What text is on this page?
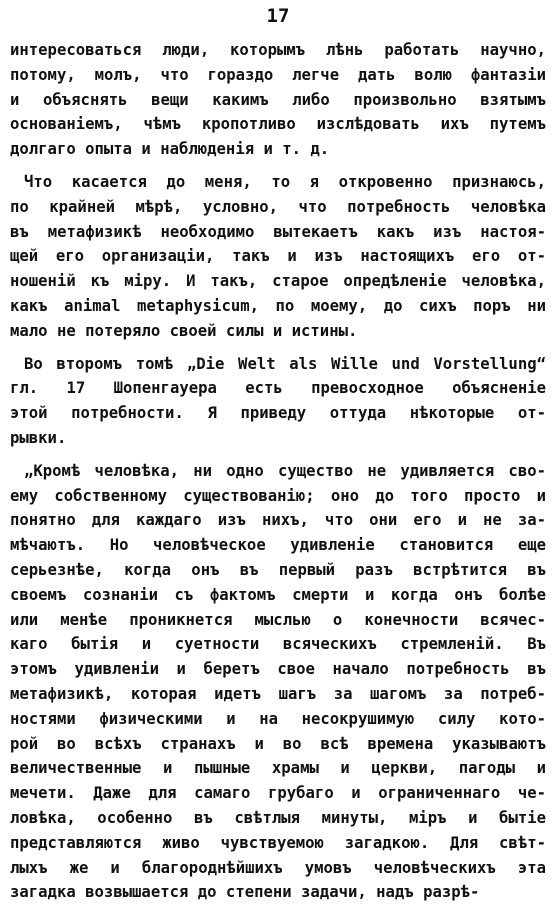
17
интересоваться люди, которымъ лѣнь работать научно,
потому, молъ, что гораздо легче дать волю фантазіи
и объяснять вещи какимъ либо произвольно взятымъ
основаніемъ, чѣмъ кропотливо изслѣдовать ихъ путемъ
долгаго опыта и наблюденія и т. д.
Что касается до меня, то я откровенно признаюсь,
по крайней мѣрѣ, условно, что потребность человѣка
въ метафизикѣ необходимо вытекаетъ какъ изъ настоя-
щей его организаціи, такъ и изъ настоящихъ его от-
ношеній къ міру. И такъ, старое опредѣленіе человѣка,
какъ animal metaphysicum, по моему, до сихъ поръ ни
мало не потеряло своей силы и истины.
Во второмъ томѣ „Die Welt als Wille und Vorstellung“
гл. 17 Шопенгауера есть превосходное объясненіе
этой потребности. Я приведу оттуда нѣкоторые от-
рывки.
„Кромѣ человѣка, ни одно существо не удивляется сво-
ему собственному существованію; оно до того просто и
понятно для каждаго изъ нихъ, что они его и не за-
мѣчаютъ. Но человѣческое удивленіе становится еще
серьезнѣе, когда онъ въ первый разъ встрѣтится въ
своемъ сознаніи съ фактомъ смерти и когда онъ болѣе
или менѣе проникнется мыслью о конечности всячес-
каго бытія и суетности всяческихъ стремленій. Въ
этомъ удивленіи и беретъ свое начало потребность въ
метафизикѣ, которая идетъ шагъ за шагомъ за потреб-
ностями физическими и на несокрушимую силу кото-
рой во всѣхъ странахъ и во всѣ времена указываютъ
величественные и пышные храмы и церкви, пагоды и
мечети. Даже для самаго грубаго и ограниченнаго че-
ловѣка, особенно въ свѣтлыя минуты, міръ и бытіе
представляются живо чувствуемою загадкою. Для свѣт-
лыхъ же и благороднѣйшихъ умовъ человѣческихъ эта
загадка возвышается до степени задачи, надъ разрѣ-
